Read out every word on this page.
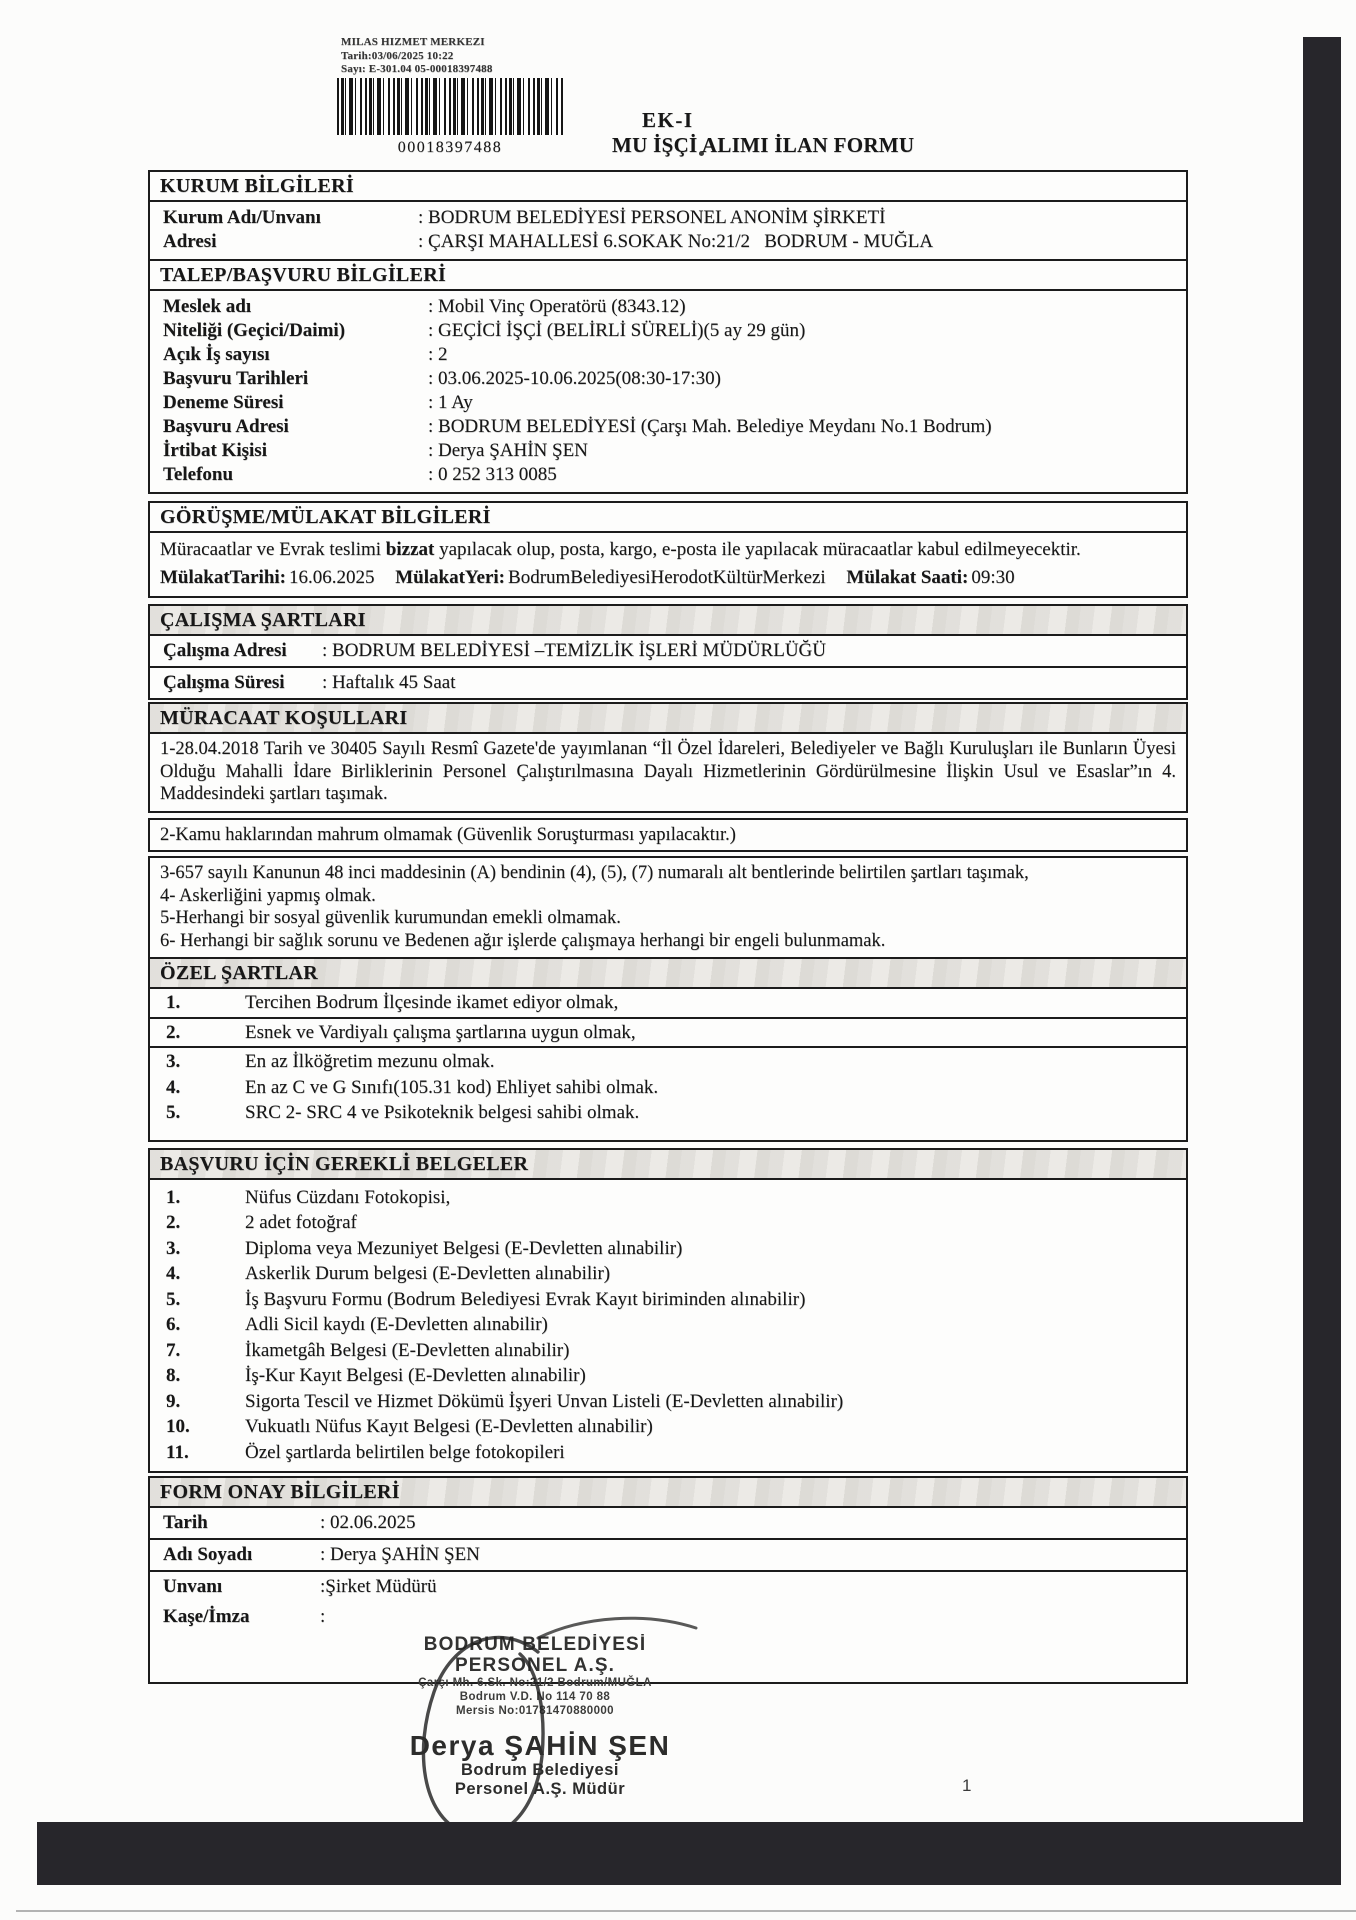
MILAS HIZMET MERKEZI
Tarih:03/06/2025 10:22
Sayı: E-301.04 05-00018397488
00018397488
EK-I
MU İŞÇİ ALIMI İLAN FORMU
KURUM BİLGİLERİ
Kurum Adı/Unvanı	: BODRUM BELEDİYESİ PERSONEL ANONİM ŞİRKETİ
Adresi	: ÇARŞI MAHALLESİ 6.SOKAK No:21/2   BODRUM - MUĞLA
TALEP/BAŞVURU BİLGİLERİ
Meslek adı	: Mobil Vinç Operatörü (8343.12)
Niteliği (Geçici/Daimi)	: GEÇİCİ İŞÇİ (BELİRLİ SÜRELİ)(5 ay 29 gün)
Açık İş sayısı	: 2
Başvuru Tarihleri	: 03.06.2025-10.06.2025(08:30-17:30)
Deneme Süresi	: 1 Ay
Başvuru Adresi	: BODRUM BELEDİYESİ (Çarşı Mah. Belediye Meydanı No.1 Bodrum)
İrtibat Kişisi	: Derya ŞAHİN ŞEN
Telefonu	: 0 252 313 0085
GÖRÜŞME/MÜLAKAT BİLGİLERİ
Müracaatlar ve Evrak teslimi bizzat yapılacak olup, posta, kargo, e-posta ile yapılacak müracaatlar kabul edilmeyecektir.
MülakatTarihi: 16.06.2025 MülakatYeri: BodrumBelediyesiHerodotKültürMerkezi Mülakat Saati: 09:30
ÇALIŞMA ŞARTLARI
Çalışma Adresi	: BODRUM BELEDİYESİ –TEMİZLİK İŞLERİ MÜDÜRLÜĞÜ
Çalışma Süresi	: Haftalık 45 Saat
MÜRACAAT KOŞULLARI
1-28.04.2018 Tarih ve 30405 Sayılı Resmî Gazete'de yayımlanan “İl Özel İdareleri, Belediyeler ve Bağlı Kuruluşları ile Bunların Üyesi Olduğu Mahalli İdare Birliklerinin Personel Çalıştırılmasına Dayalı Hizmetlerinin Gördürülmesine İlişkin Usul ve Esaslar”ın 4. Maddesindeki şartları taşımak.
2-Kamu haklarından mahrum olmamak (Güvenlik Soruşturması yapılacaktır.)
3-657 sayılı Kanunun 48 inci maddesinin (A) bendinin (4), (5), (7) numaralı alt bentlerinde belirtilen şartları taşımak,
4- Askerliğini yapmış olmak.
5-Herhangi bir sosyal güvenlik kurumundan emekli olmamak.
6- Herhangi bir sağlık sorunu ve Bedenen ağır işlerde çalışmaya herhangi bir engeli bulunmamak.
ÖZEL ŞARTLAR
1.	Tercihen Bodrum İlçesinde ikamet ediyor olmak,
2.	Esnek ve Vardiyalı çalışma şartlarına uygun olmak,
3.	En az İlköğretim mezunu olmak.
4.	En az C ve G Sınıfı(105.31 kod) Ehliyet sahibi olmak.
5.	SRC 2- SRC 4 ve Psikoteknik belgesi sahibi olmak.
BAŞVURU İÇİN GEREKLİ BELGELER
1.	Nüfus Cüzdanı Fotokopisi,
2.	2 adet fotoğraf
3.	Diploma veya Mezuniyet Belgesi (E-Devletten alınabilir)
4.	Askerlik Durum belgesi (E-Devletten alınabilir)
5.	İş Başvuru Formu (Bodrum Belediyesi Evrak Kayıt biriminden alınabilir)
6.	Adli Sicil kaydı (E-Devletten alınabilir)
7.	İkametgâh Belgesi (E-Devletten alınabilir)
8.	İş-Kur Kayıt Belgesi (E-Devletten alınabilir)
9.	Sigorta Tescil ve Hizmet Dökümü İşyeri Unvan Listeli (E-Devletten alınabilir)
10.	Vukuatlı Nüfus Kayıt Belgesi (E-Devletten alınabilir)
11.	Özel şartlarda belirtilen belge fotokopileri
FORM ONAY BİLGİLERİ
Tarih	: 02.06.2025
Adı Soyadı	: Derya ŞAHİN ŞEN
Unvanı	:Şirket Müdürü
Kaşe/İmza	:
BODRUM BELEDİYESİ
PERSONEL A.Ş.
Çarşı Mh. 6.Sk. No:21/2 Bodrum/MUĞLA
Bodrum V.D. No 114 70 88
Mersis No:01781470880000
Derya ŞAHİN ŞEN
Bodrum Belediyesi
Personel A.Ş. Müdür	1
